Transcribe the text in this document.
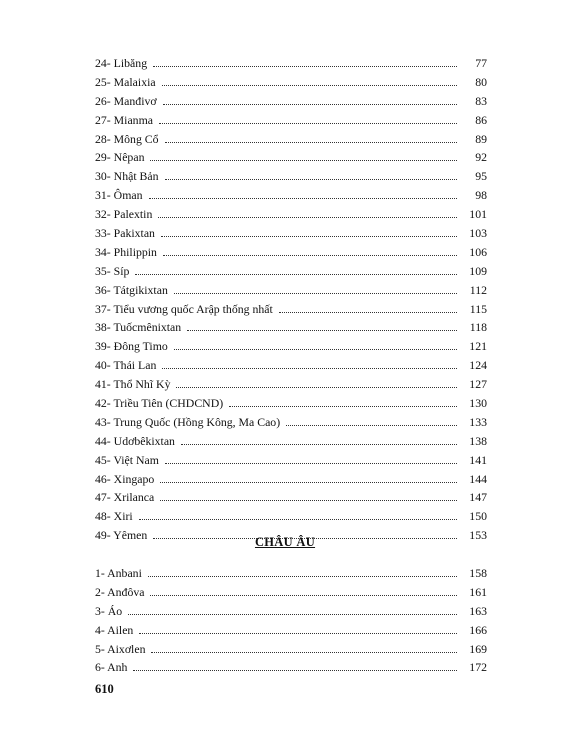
24- Libăng	77
25- Malaixia	80
26- Manđivơ	83
27- Mianma	86
28- Mông Cổ	89
29- Nêpan	92
30- Nhật Bản	95
31- Ôman	98
32- Palextin	101
33- Pakixtan	103
34- Philippin	106
35- Síp	109
36- Tátgikixtan	112
37- Tiểu vương quốc Arập thống nhất	115
38- Tuốcmênixtan	118
39- Đông Timo	121
40- Thái Lan	124
41- Thổ Nhĩ Kỳ	127
42- Triều Tiên (CHDCND)	130
43- Trung Quốc (Hồng Kông, Ma Cao)	133
44- Udơbêkixtan	138
45- Việt Nam	141
46- Xingapo	144
47- Xrilanca	147
48- Xiri	150
49- Yêmen	153
CHÂU ÂU
1- Anbani	158
2- Anđôva	161
3- Áo	163
4- Ailen	166
5- Aixơlen	169
6- Anh	172
610
